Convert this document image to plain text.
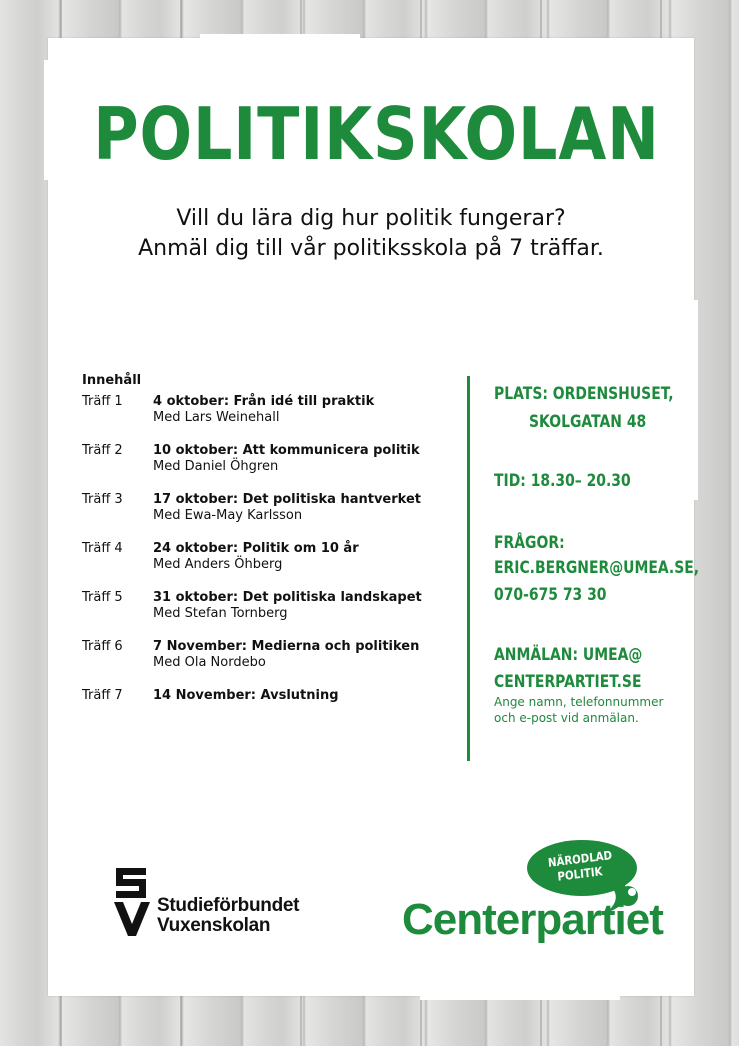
POLITIKSKOLAN
Vill du lära dig hur politik fungerar?
Anmäl dig till vår politiksskola på 7 träffar.
Innehåll
Träff 1 4 oktober: Från idé till praktik
Med Lars Weinehall
Träff 2 10 oktober: Att kommunicera politik
Med Daniel Öhgren
Träff 3 17 oktober: Det politiska hantverket
Med Ewa-May Karlsson
Träff 4 24 oktober: Politik om 10 år
Med Anders Öhberg
Träff 5 31 oktober: Det politiska landskapet
Med Stefan Tornberg
Träff 6 7 November: Medierna och politiken
Med Ola Nordebo
Träff 7 14 November: Avslutning
PLATS: ORDENSHUSET,
SKOLGATAN 48
TID: 18.30– 20.30
FRÅGOR:
ERIC.BERGNER@UMEA.SE,
070-675 73 30
ANMÄLAN: UMEA@
CENTERPARTIET.SE
Ange namn, telefonnummer
och e-post vid anmälan.
Studieförbundet
Vuxenskolan
NÄRODLAD
POLITIK
Centerpartiet
